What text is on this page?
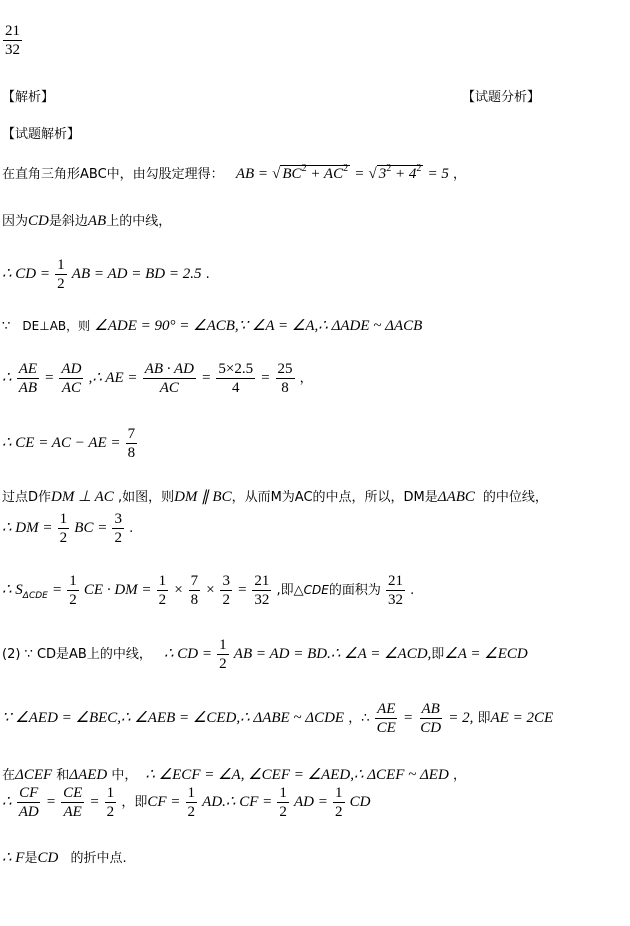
$\frac{21}{32}$
【解析】	【试题分析】
【试题解析】
在直角三角形ABC中，由勾股定理得： AB = √ $BC^2 + AC^2$ = √ $3^2 + 4^2 = 5$ ，
因为CD是斜边AB上的中线，
∴ CD = $\frac{1}{2}$ AB = AD = BD = 2.5 .
∵ DE⊥AB，则 ∠ADE = 90° = ∠ACB,∵ ∠A = ∠A,∴ ΔADE ~ ΔACB
∴ $\frac{AE}{AB} = \frac{AD}{AC}$ ,∴ AE = $\frac{AB \cdot AD}{AC} = \frac{5\times 2.5}{4} = \frac{25}{8}$ ，
∴ CE = AC − AE = $\frac{7}{8}$
过点D作DM ⊥ AC ,如图，则DM ∥ BC，从而M为AC的中点，所以，DM是ΔABC 的中位线，
∴ DM = $\frac{1}{2}$ BC = $\frac{3}{2}$ .
∴ $S_{\Delta CDE} = \frac{1}{2}$ CE · DM = $\frac{1}{2} \times \frac{7}{8} \times \frac{3}{2} = \frac{21}{32}$ ,即△CDE的面积为 $\frac{21}{32}$ .
(2) ∵ CD是AB上的中线， ∴ CD = $\frac{1}{2}$ AB = AD = BD.∴ ∠A = ∠ACD,即∠A = ∠ECD
∵ ∠AED = ∠BEC,∴ ∠AEB = ∠CED,∴ ΔABE ~ ΔCDE ，∴ $\frac{AE}{CE} = \frac{AB}{CD} = 2$, 即AE = 2CE
在ΔCEF 和ΔAED 中， ∴ ∠ECF = ∠A, ∠CEF = ∠AED,∴ ΔCEF ~ ΔED ，
∴ $\frac{CF}{AD} = \frac{CE}{AE} = \frac{1}{2}$ ，即CF = $\frac{1}{2}$ AD.∴ CF = $\frac{1}{2}$ AD = $\frac{1}{2}$ CD
∴ F是CD 的折中点.
